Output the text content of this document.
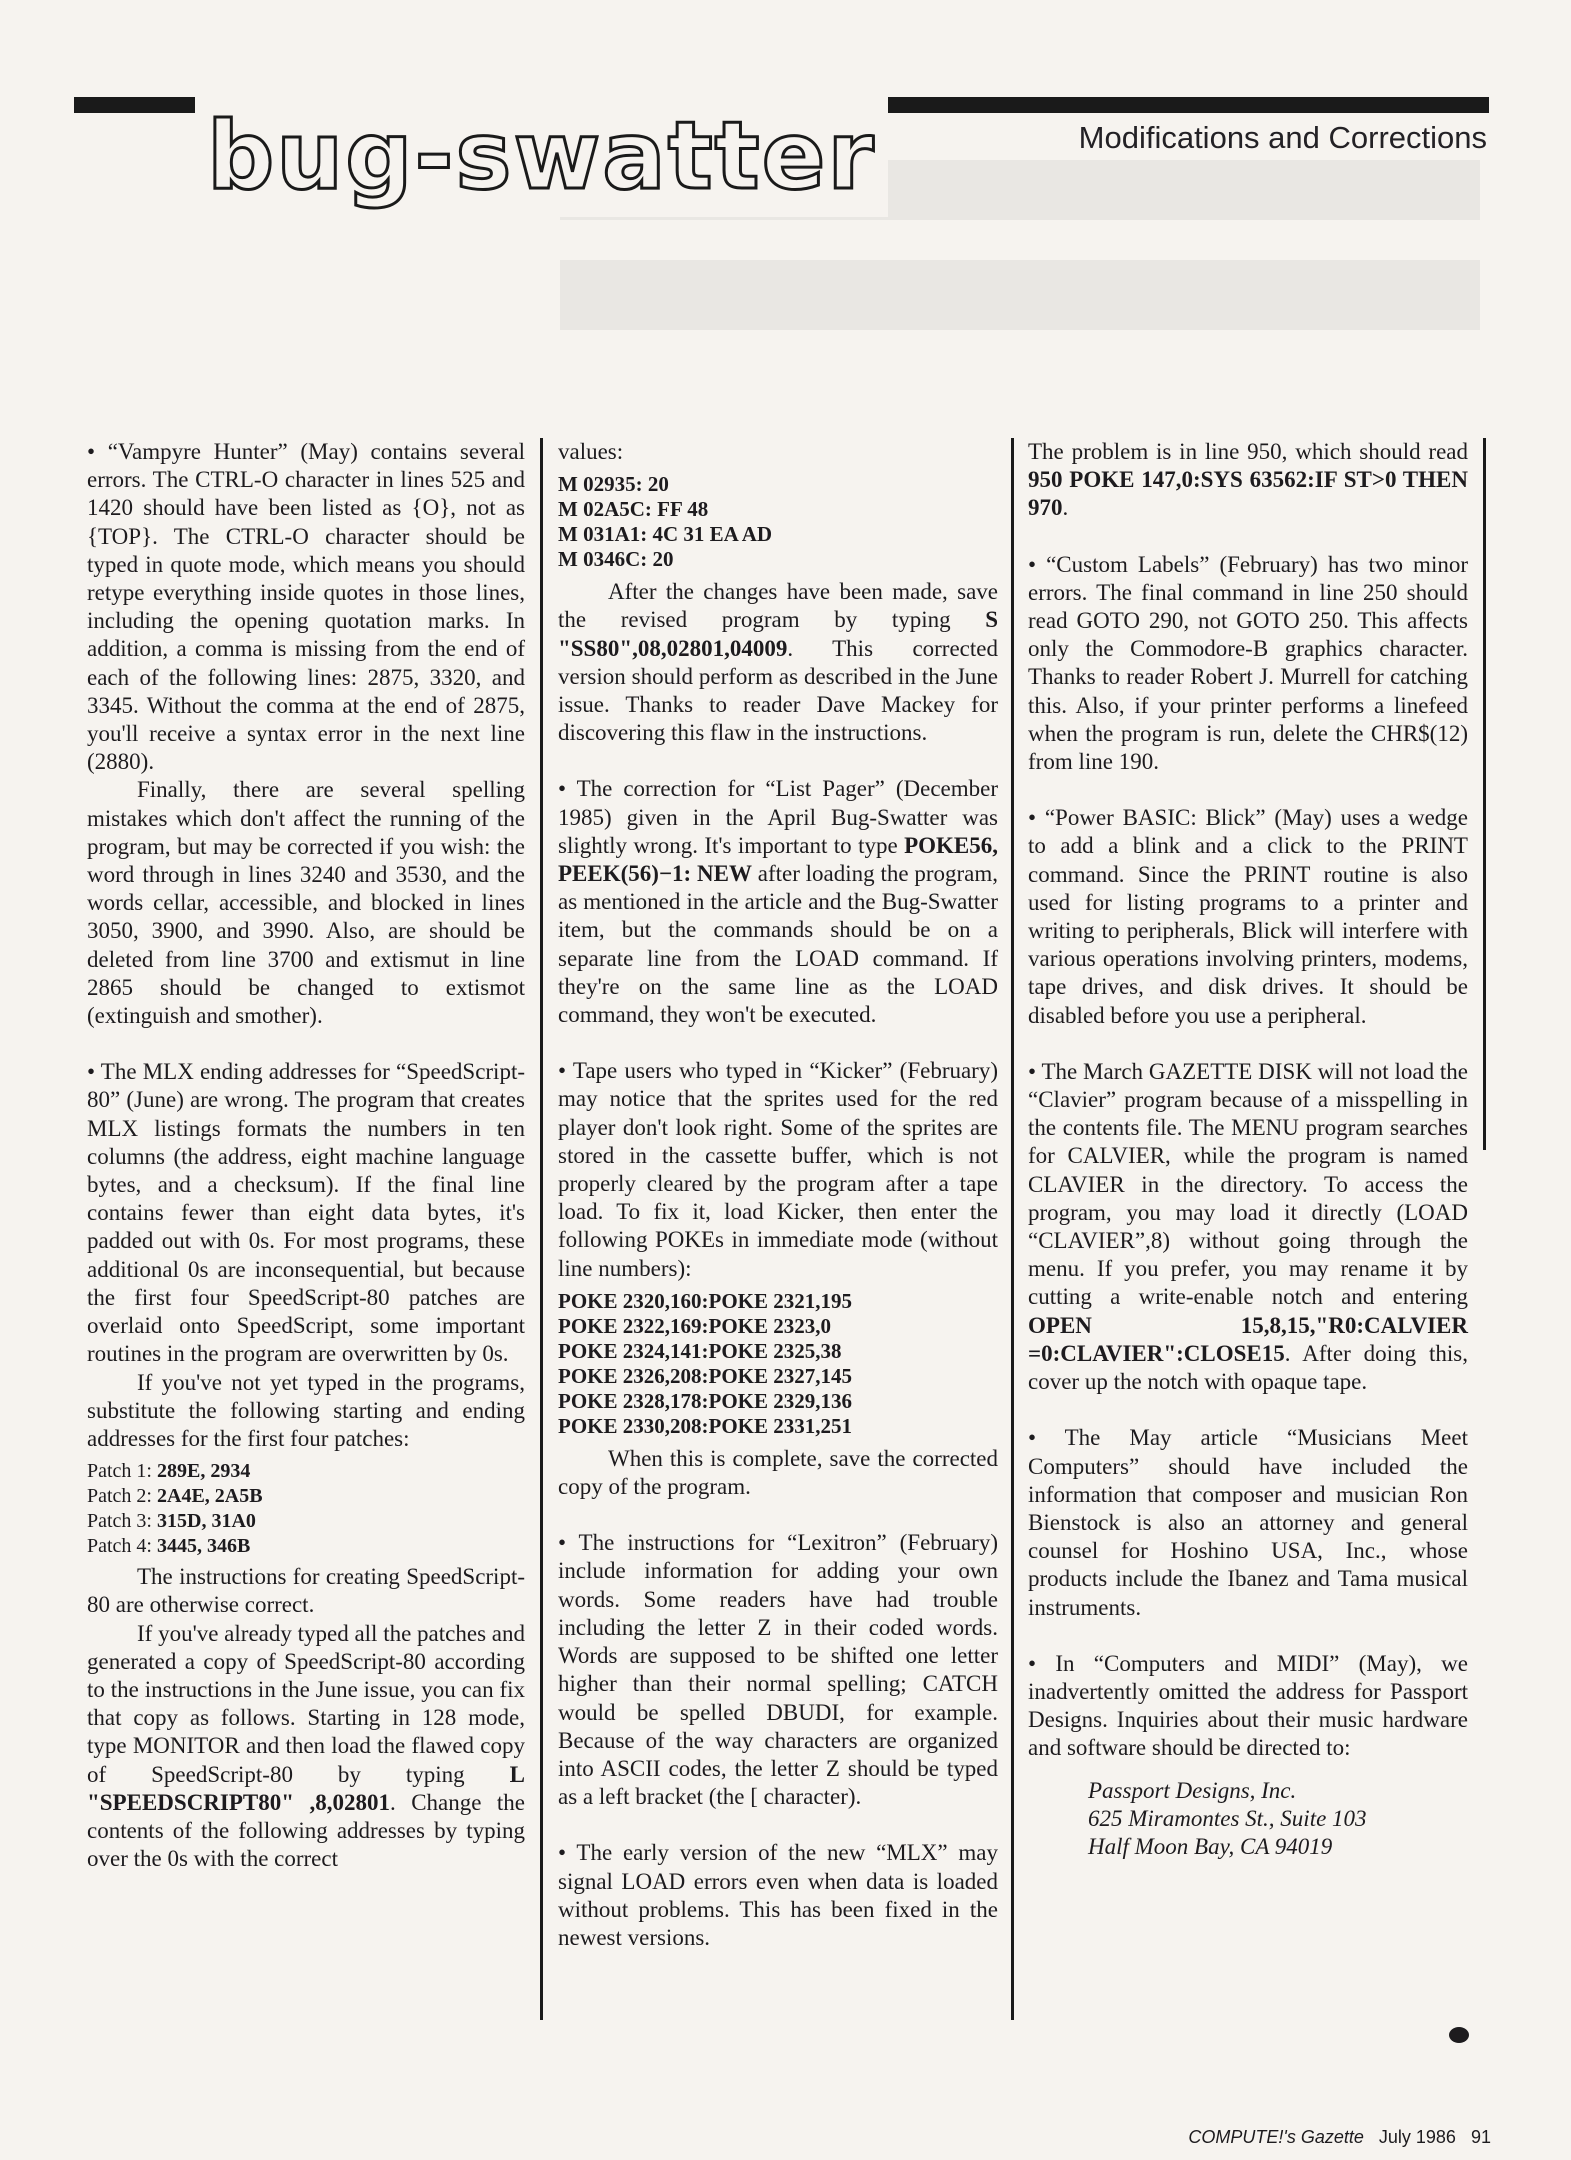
bug-swatter	Modifications and Corrections

• “Vampyre Hunter” (May) contains several errors. The CTRL-O character in lines 525 and 1420 should have been listed as {O}, not as {TOP}. The CTRL-O character should be typed in quote mode, which means you should retype everything inside quotes in those lines, including the opening quotation marks. In addition, a comma is missing from the end of each of the following lines: 2875, 3320, and 3345. Without the comma at the end of 2875, you'll receive a syntax error in the next line (2880).

Finally, there are several spelling mistakes which don't affect the running of the program, but may be corrected if you wish: the word through in lines 3240 and 3530, and the words cellar, accessible, and blocked in lines 3050, 3900, and 3990. Also, are should be deleted from line 3700 and extismut in line 2865 should be changed to extismot (extinguish and smother).

• The MLX ending addresses for “SpeedScript-80” (June) are wrong. The program that creates MLX listings formats the numbers in ten columns (the address, eight machine language bytes, and a checksum). If the final line contains fewer than eight data bytes, it's padded out with 0s. For most programs, these additional 0s are inconsequential, but because the first four SpeedScript-80 patches are overlaid onto SpeedScript, some important routines in the program are overwritten by 0s.

If you've not yet typed in the programs, substitute the following starting and ending addresses for the first four patches:

Patch 1: 289E, 2934
Patch 2: 2A4E, 2A5B
Patch 3: 315D, 31A0
Patch 4: 3445, 346B

The instructions for creating SpeedScript-80 are otherwise correct.

If you've already typed all the patches and generated a copy of SpeedScript-80 according to the instructions in the June issue, you can fix that copy as follows. Starting in 128 mode, type MONITOR and then load the flawed copy of SpeedScript-80 by typing L "SPEEDSCRIPT80" ,8,02801. Change the contents of the following addresses by typing over the 0s with the correct

values:

M 02935: 20
M 02A5C: FF 48
M 031A1: 4C 31 EA AD
M 0346C: 20

After the changes have been made, save the revised program by typing S "SS80",08,02801,04009. This corrected version should perform as described in the June issue. Thanks to reader Dave Mackey for discovering this flaw in the instructions.

• The correction for “List Pager” (December 1985) given in the April Bug-Swatter was slightly wrong. It's important to type POKE56, PEEK(56)−1: NEW after loading the program, as mentioned in the article and the Bug-Swatter item, but the commands should be on a separate line from the LOAD command. If they're on the same line as the LOAD command, they won't be executed.

• Tape users who typed in “Kicker” (February) may notice that the sprites used for the red player don't look right. Some of the sprites are stored in the cassette buffer, which is not properly cleared by the program after a tape load. To fix it, load Kicker, then enter the following POKEs in immediate mode (without line numbers):

POKE 2320,160:POKE 2321,195
POKE 2322,169:POKE 2323,0
POKE 2324,141:POKE 2325,38
POKE 2326,208:POKE 2327,145
POKE 2328,178:POKE 2329,136
POKE 2330,208:POKE 2331,251

When this is complete, save the corrected copy of the program.

• The instructions for “Lexitron” (February) include information for adding your own words. Some readers have had trouble including the letter Z in their coded words. Words are supposed to be shifted one letter higher than their normal spelling; CATCH would be spelled DBUDI, for example. Because of the way characters are organized into ASCII codes, the letter Z should be typed as a left bracket (the [ character).

• The early version of the new “MLX” may signal LOAD errors even when data is loaded without problems. This has been fixed in the newest versions.

The problem is in line 950, which should read 950 POKE 147,0:SYS 63562:IF ST>0 THEN 970.

• “Custom Labels” (February) has two minor errors. The final command in line 250 should read GOTO 290, not GOTO 250. This affects only the Commodore-B graphics character. Thanks to reader Robert J. Murrell for catching this. Also, if your printer performs a linefeed when the program is run, delete the CHR$(12) from line 190.

• “Power BASIC: Blick” (May) uses a wedge to add a blink and a click to the PRINT command. Since the PRINT routine is also used for listing programs to a printer and writing to peripherals, Blick will interfere with various operations involving printers, modems, tape drives, and disk drives. It should be disabled before you use a peripheral.

• The March GAZETTE DISK will not load the “Clavier” program because of a misspelling in the contents file. The MENU program searches for CALVIER, while the program is named CLAVIER in the directory. To access the program, you may load it directly (LOAD “CLAVIER”,8) without going through the menu. If you prefer, you may rename it by cutting a write-enable notch and entering OPEN 15,8,15,"R0:CALVIER =0:CLAVIER":CLOSE15. After doing this, cover up the notch with opaque tape.

• The May article “Musicians Meet Computers” should have included the information that composer and musician Ron Bienstock is also an attorney and general counsel for Hoshino USA, Inc., whose products include the Ibanez and Tama musical instruments.

• In “Computers and MIDI” (May), we inadvertently omitted the address for Passport Designs. Inquiries about their music hardware and software should be directed to:

Passport Designs, Inc.

625 Miramontes St., Suite 103

Half Moon Bay, CA 94019

COMPUTE!'s Gazette July 1986 91
